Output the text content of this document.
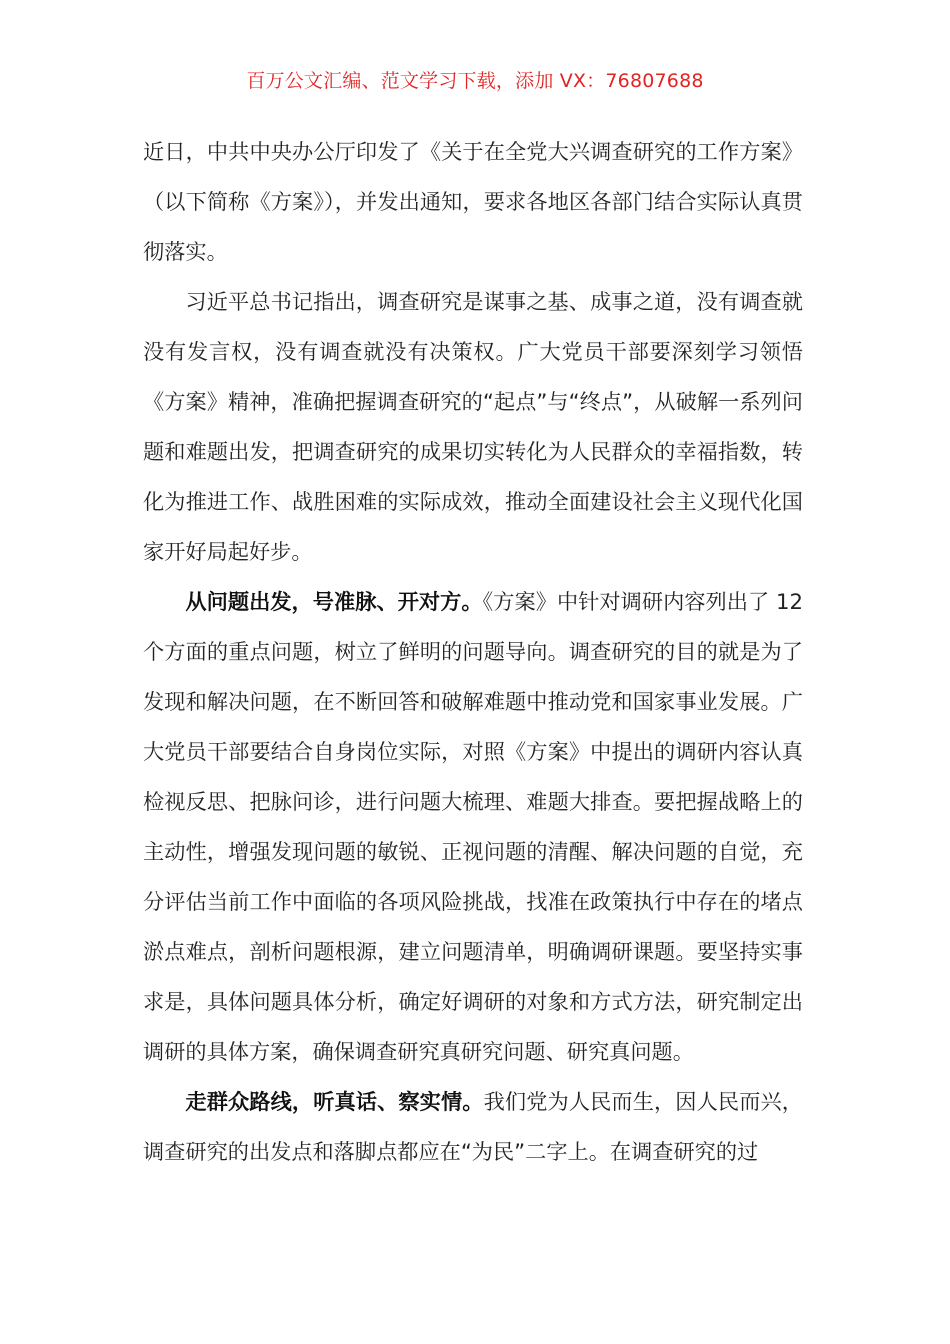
百万公文汇编、范文学习下载，添加 VX：76807688

近日，中共中央办公厅印发了《关于在全党大兴调查研究的工作方案》（以下简称《方案》），并发出通知，要求各地区各部门结合实际认真贯彻落实。

习近平总书记指出，调查研究是谋事之基、成事之道，没有调查就没有发言权，没有调查就没有决策权。广大党员干部要深刻学习领悟《方案》精神，准确把握调查研究的“起点”与“终点”，从破解一系列问题和难题出发，把调查研究的成果切实转化为人民群众的幸福指数，转化为推进工作、战胜困难的实际成效，推动全面建设社会主义现代化国家开好局起好步。

从问题出发，号准脉、开对方。《方案》中针对调研内容列出了 12 个方面的重点问题，树立了鲜明的问题导向。调查研究的目的就是为了发现和解决问题，在不断回答和破解难题中推动党和国家事业发展。广大党员干部要结合自身岗位实际，对照《方案》中提出的调研内容认真检视反思、把脉问诊，进行问题大梳理、难题大排查。要把握战略上的主动性，增强发现问题的敏锐、正视问题的清醒、解决问题的自觉，充分评估当前工作中面临的各项风险挑战，找准在政策执行中存在的堵点淤点难点，剖析问题根源，建立问题清单，明确调研课题。要坚持实事求是，具体问题具体分析，确定好调研的对象和方式方法，研究制定出调研的具体方案，确保调查研究真研究问题、研究真问题。

走群众路线，听真话、察实情。我们党为人民而生，因人民而兴，调查研究的出发点和落脚点都应在“为民”二字上。在调查研究的过
